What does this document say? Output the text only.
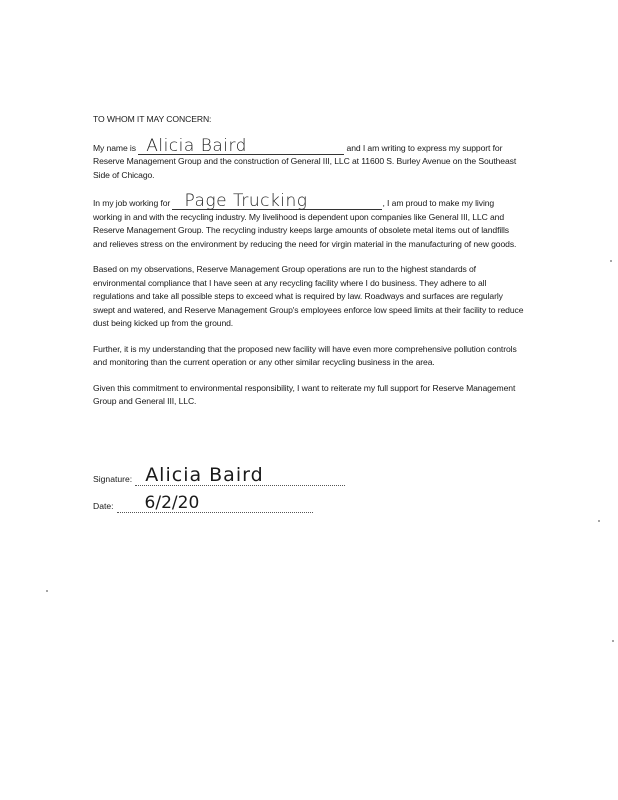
TO WHOM IT MAY CONCERN:

My name is Alicia Baird	and I am writing to express my support for Reserve Management Group and the construction of General III, LLC at 11600 S. Burley Avenue on the Southeast Side of Chicago.

In my job working for Page Trucking	, I am proud to make my living working in and with the recycling industry. My livelihood is dependent upon companies like General III, LLC and Reserve Management Group. The recycling industry keeps large amounts of obsolete metal items out of landfills and relieves stress on the environment by reducing the need for virgin material in the manufacturing of new goods.

Based on my observations, Reserve Management Group operations are run to the highest standards of environmental compliance that I have seen at any recycling facility where I do business. They adhere to all regulations and take all possible steps to exceed what is required by law. Roadways and surfaces are regularly swept and watered, and Reserve Management Group's employees enforce low speed limits at their facility to reduce dust being kicked up from the ground.

Further, it is my understanding that the proposed new facility will have even more comprehensive pollution controls and monitoring than the current operation or any other similar recycling business in the area.

Given this commitment to environmental responsibility, I want to reiterate my full support for Reserve Management Group and General III, LLC.

Signature: Alicia Baird
Date:	6/2/20
